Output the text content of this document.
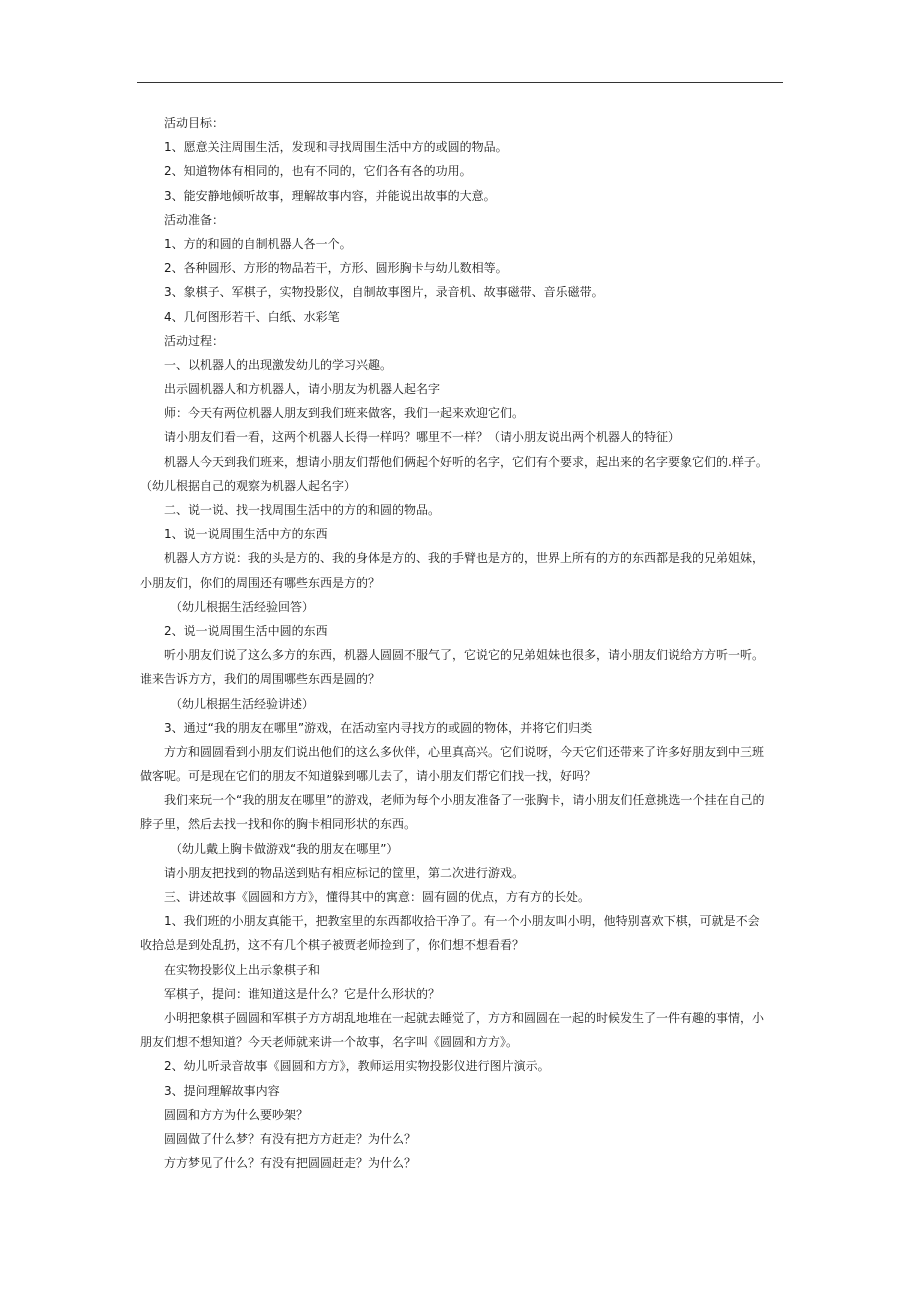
活动目标：
1、愿意关注周围生活，发现和寻找周围生活中方的或圆的物品。
2、知道物体有相同的，也有不同的，它们各有各的功用。
3、能安静地倾听故事，理解故事内容，并能说出故事的大意。
活动准备：
1、方的和圆的自制机器人各一个。
2、各种圆形、方形的物品若干，方形、圆形胸卡与幼儿数相等。
3、象棋子、军棋子，实物投影仪，自制故事图片，录音机、故事磁带、音乐磁带。
4、几何图形若干、白纸、水彩笔
活动过程：
一、以机器人的出现激发幼儿的学习兴趣。
出示圆机器人和方机器人，请小朋友为机器人起名字
师：今天有两位机器人朋友到我们班来做客，我们一起来欢迎它们。
请小朋友们看一看，这两个机器人长得一样吗？哪里不一样？（请小朋友说出两个机器人的特征）
机器人今天到我们班来，想请小朋友们帮他们俩起个好听的名字，它们有个要求，起出来的名字要象它们的.样子。
（幼儿根据自己的观察为机器人起名字）
二、说一说、找一找周围生活中的方的和圆的物品。
1、说一说周围生活中方的东西
机器人方方说：我的头是方的、我的身体是方的、我的手臂也是方的，世界上所有的方的东西都是我的兄弟姐妹，
小朋友们，你们的周围还有哪些东西是方的？
（幼儿根据生活经验回答）
2、说一说周围生活中圆的东西
听小朋友们说了这么多方的东西，机器人圆圆不服气了，它说它的兄弟姐妹也很多，请小朋友们说给方方听一听。
谁来告诉方方，我们的周围哪些东西是圆的？
（幼儿根据生活经验讲述）
3、通过“我的朋友在哪里”游戏，在活动室内寻找方的或圆的物体，并将它们归类
方方和圆圆看到小朋友们说出他们的这么多伙伴，心里真高兴。它们说呀，今天它们还带来了许多好朋友到中三班
做客呢。可是现在它们的朋友不知道躲到哪儿去了，请小朋友们帮它们找一找，好吗？
我们来玩一个“我的朋友在哪里”的游戏，老师为每个小朋友准备了一张胸卡，请小朋友们任意挑选一个挂在自己的
脖子里，然后去找一找和你的胸卡相同形状的东西。
（幼儿戴上胸卡做游戏“我的朋友在哪里”）
请小朋友把找到的物品送到贴有相应标记的筐里，第二次进行游戏。
三、讲述故事《圆圆和方方》，懂得其中的寓意：圆有圆的优点，方有方的长处。
1、我们班的小朋友真能干，把教室里的东西都收拾干净了。有一个小朋友叫小明，他特别喜欢下棋，可就是不会
收拾总是到处乱扔，这不有几个棋子被贾老师捡到了，你们想不想看看？
在实物投影仪上出示象棋子和
军棋子，提问：谁知道这是什么？它是什么形状的？
小明把象棋子圆圆和军棋子方方胡乱地堆在一起就去睡觉了，方方和圆圆在一起的时候发生了一件有趣的事情，小
朋友们想不想知道？今天老师就来讲一个故事，名字叫《圆圆和方方》。
2、幼儿听录音故事《圆圆和方方》，教师运用实物投影仪进行图片演示。
3、提问理解故事内容
圆圆和方方为什么要吵架？
圆圆做了什么梦？有没有把方方赶走？为什么？
方方梦见了什么？有没有把圆圆赶走？为什么？
